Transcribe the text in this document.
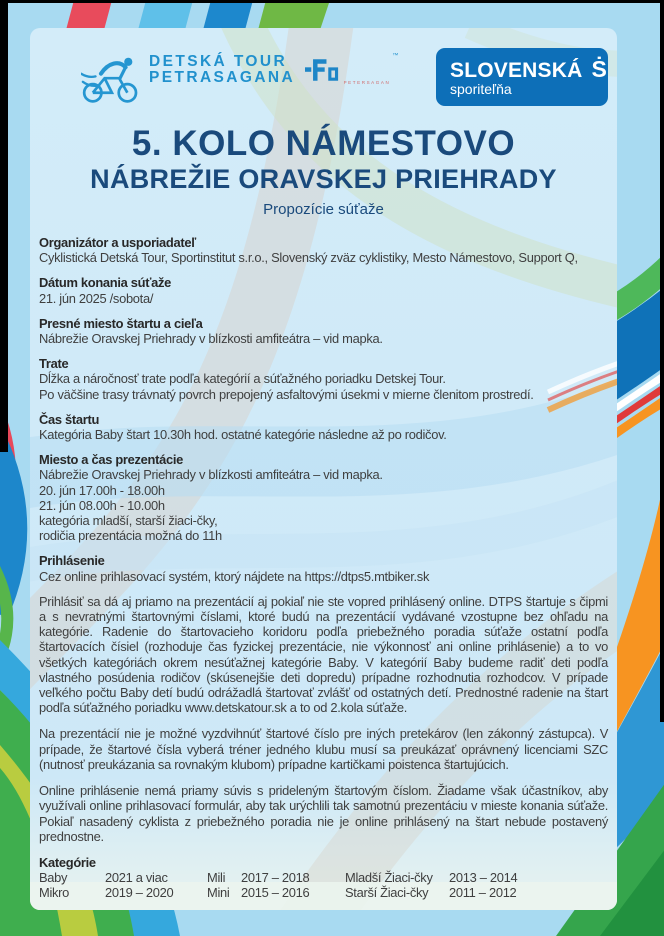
DETSKÁ TOUR
PETRASAGANA

™
PETERSAGAN
SLOVENSKÁ Ṡ
sporiteľňa
5. KOLO NÁMESTOVO
NÁBREŽIE ORAVSKEJ PRIEHRADY
Propozície súťaže
Organizátor a usporiadateľ
Cyklistická Detská Tour, Sportinstitut s.r.o., Slovenský zväz cyklistiky, Mesto Námestovo, Support Q,
Dátum konania súťaže
21. jún 2025 /sobota/
Presné miesto štartu a cieľa
Nábrežie Oravskej Priehrady v blízkosti amfiteátra – vid mapka.
Trate
Dĺžka a náročnosť trate podľa kategórií a súťažného poriadku Detskej Tour.
Po väčšine trasy trávnatý povrch prepojený asfaltovými úsekmi v mierne členitom prostredí.
Čas štartu
Kategória Baby štart 10.30h hod. ostatné kategórie následne až po rodičov.
Miesto a čas prezentácie
Nábrežie Oravskej Priehrady v blízkosti amfiteátra – vid mapka.
20. jún 17.00h - 18.00h
21. jún 08.00h - 10.00h
kategória mladší, starší žiaci-čky,
rodičia prezentácia možná do 11h
Prihlásenie
Cez online prihlasovací systém, ktorý nájdete na https://dtps5.mtbiker.sk

Prihlásiť sa dá aj priamo na prezentácií aj pokiaľ nie ste vopred prihlásený online. DTPS štartuje s čipmi a s nevratnými štartovnými číslami, ktoré budú na prezentácií vydávané vzostupne bez ohľadu na kategórie. Radenie do štartovacieho koridoru podľa priebežného poradia súťaže ostatní podľa štartovacích čísiel (rozhoduje čas fyzickej prezentácie, nie výkonnosť ani online prihlásenie) a to vo všetkých kategóriách okrem nesúťažnej kategórie Baby. V kategórií Baby budeme radiť deti podľa vlastného posúdenia rodičov (skúsenejšie deti dopredu) prípadne rozhodnutia rozhodcov. V prípade veľkého počtu Baby detí budú odrážadlá štartovať zvlášť od ostatných detí. Prednostné radenie na štart podľa súťažného poriadku www.detskatour.sk a to od 2.kola súťaže.

Na prezentácií nie je možné vyzdvihnúť štartové číslo pre iných pretekárov (len zákonný zástupca). V prípade, že štartové čísla vyberá tréner jedného klubu musí sa preukázať oprávnený licenciami SZC (nutnosť preukázania sa rovnakým klubom) prípadne kartičkami poistenca štartujúcich.

Online prihlásenie nemá priamy súvis s prideleným štartovým číslom. Žiadame však účastníkov, aby využívali online prihlasovací formulár, aby tak urýchlili tak samotnú prezentáciu v mieste konania súťaže. Pokiaľ nasadený cyklista z priebežného poradia nie je online prihlásený na štart nebude postavený prednostne.

Kategórie
Baby	2021 a viac	Mili	2017 – 2018	Mladší Žiaci-čky	2013 – 2014
Mikro	2019 – 2020	Mini 2015 – 2016	Starší Žiaci-čky	2011 – 2012
